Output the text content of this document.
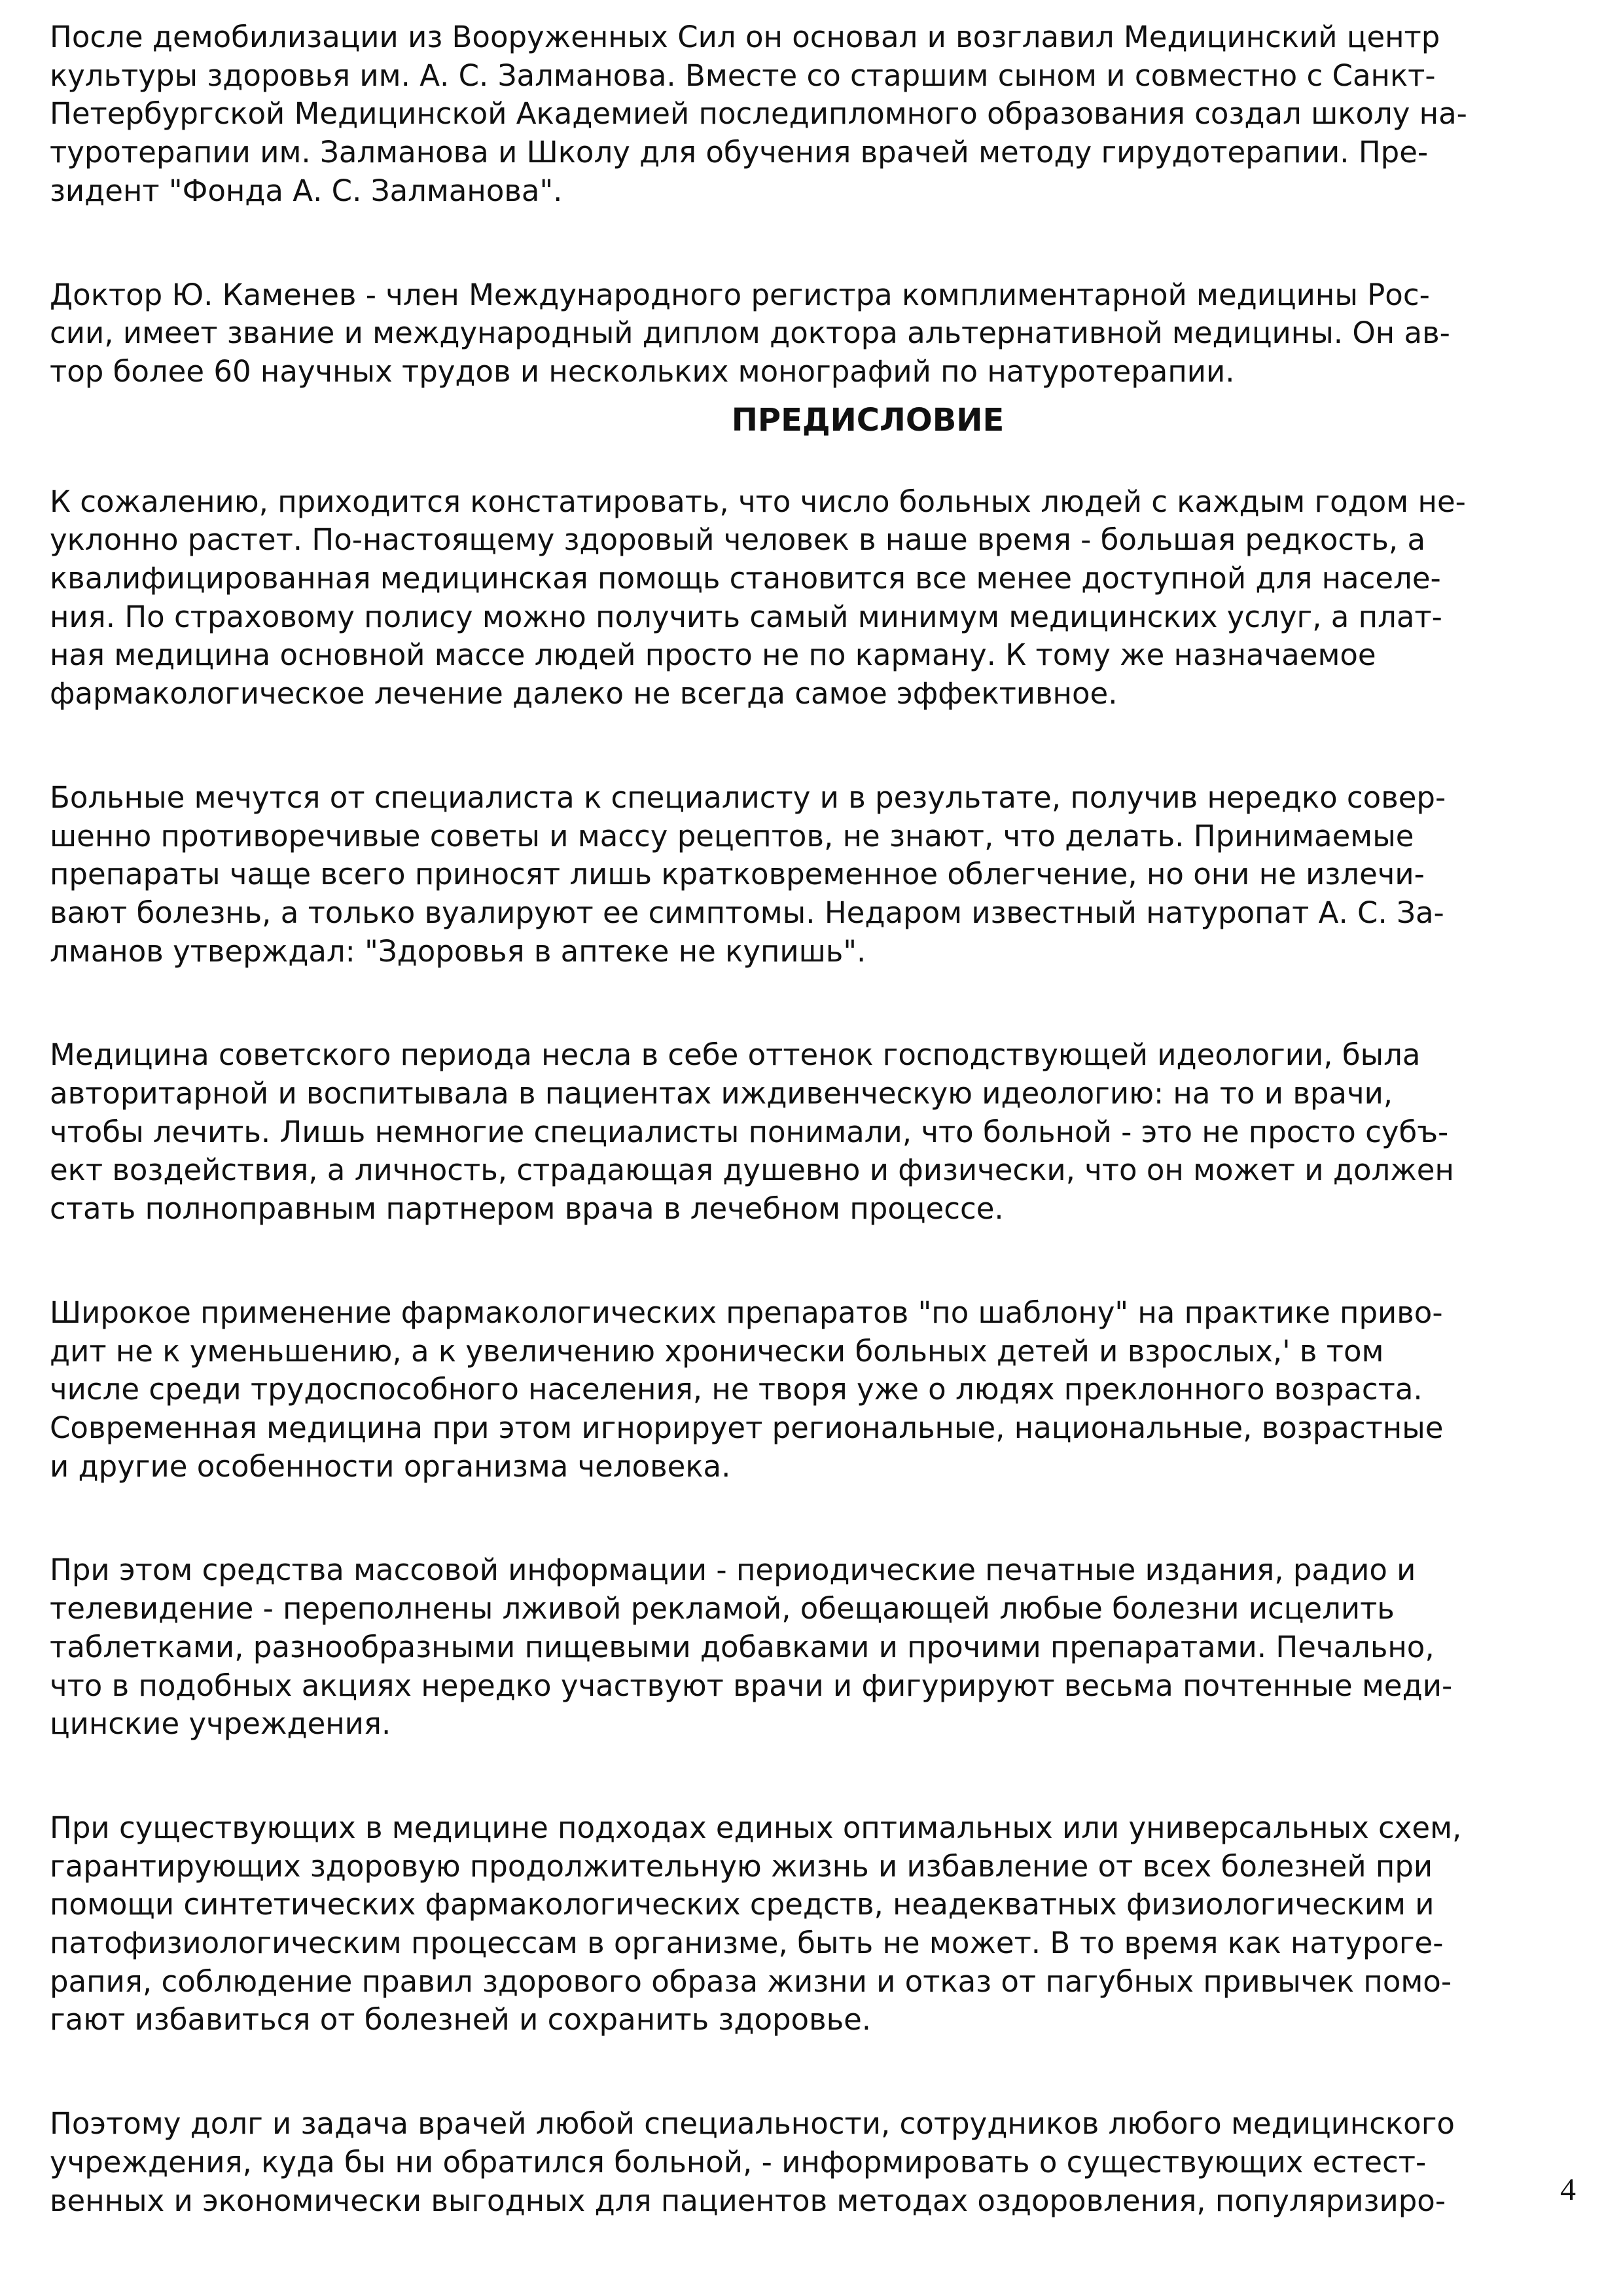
После демобилизации из Вооруженных Сил он основал и возглавил Медицинский центр
культуры здоровья им. А. С. Залманова. Вместе со старшим сыном и совместно с Санкт-
Петербургской Медицинской Академией последипломного образования создал школу на-
туротерапии им. Залманова и Школу для обучения врачей методу гирудотерапии. Пре-
зидент "Фонда А. С. Залманова".

Доктор Ю. Каменев - член Международного регистра комплиментарной медицины Рос-
сии, имеет звание и международный диплом доктора альтернативной медицины. Он ав-
тор более 60 научных трудов и нескольких монографий по натуротерапии.

ПРЕДИСЛОВИЕ

К сожалению, приходится констатировать, что число больных людей с каждым годом не-
уклонно растет. По-настоящему здоровый человек в наше время - большая редкость, а
квалифицированная медицинская помощь становится все менее доступной для населе-
ния. По страховому полису можно получить самый минимум медицинских услуг, а плат-
ная медицина основной массе людей просто не по карману. К тому же назначаемое
фармакологическое лечение далеко не всегда самое эффективное.

Больные мечутся от специалиста к специалисту и в результате, получив нередко совер-
шенно противоречивые советы и массу рецептов, не знают, что делать. Принимаемые
препараты чаще всего приносят лишь кратковременное облегчение, но они не излечи-
вают болезнь, а только вуалируют ее симптомы. Недаром известный натуропат А. С. За-
лманов утверждал: "Здоровья в аптеке не купишь".

Медицина советского периода несла в себе оттенок господствующей идеологии, была
авторитарной и воспитывала в пациентах иждивенческую идеологию: на то и врачи,
чтобы лечить. Лишь немногие специалисты понимали, что больной - это не просто субъ-
ект воздействия, а личность, страдающая душевно и физически, что он может и должен
стать полноправным партнером врача в лечебном процессе.

Широкое применение фармакологических препаратов "по шаблону" на практике приво-
дит не к уменьшению, а к увеличению хронически больных детей и взрослых,' в том
числе среди трудоспособного населения, не творя уже о людях преклонного возраста.
Современная медицина при этом игнорирует региональные, национальные, возрастные
и другие особенности организма человека.

При этом средства массовой информации - периодические печатные издания, радио и
телевидение - переполнены лживой рекламой, обещающей любые болезни исцелить
таблетками, разнообразными пищевыми добавками и прочими препаратами. Печально,
что в подобных акциях нередко участвуют врачи и фигурируют весьма почтенные меди-
цинские учреждения.

При существующих в медицине подходах единых оптимальных или универсальных схем,
гарантирующих здоровую продолжительную жизнь и избавление от всех болезней при
помощи синтетических фармакологических средств, неадекватных физиологическим и
патофизиологическим процессам в организме, быть не может. В то время как натуроге-
рапия, соблюдение правил здорового образа жизни и отказ от пагубных привычек помо-
гают избавиться от болезней и сохранить здоровье.

Поэтому долг и задача врачей любой специальности, сотрудников любого медицинского
учреждения, куда бы ни обратился больной, - информировать о существующих естест-
венных и экономически выгодных для пациентов методах оздоровления, популяризиро-	4
